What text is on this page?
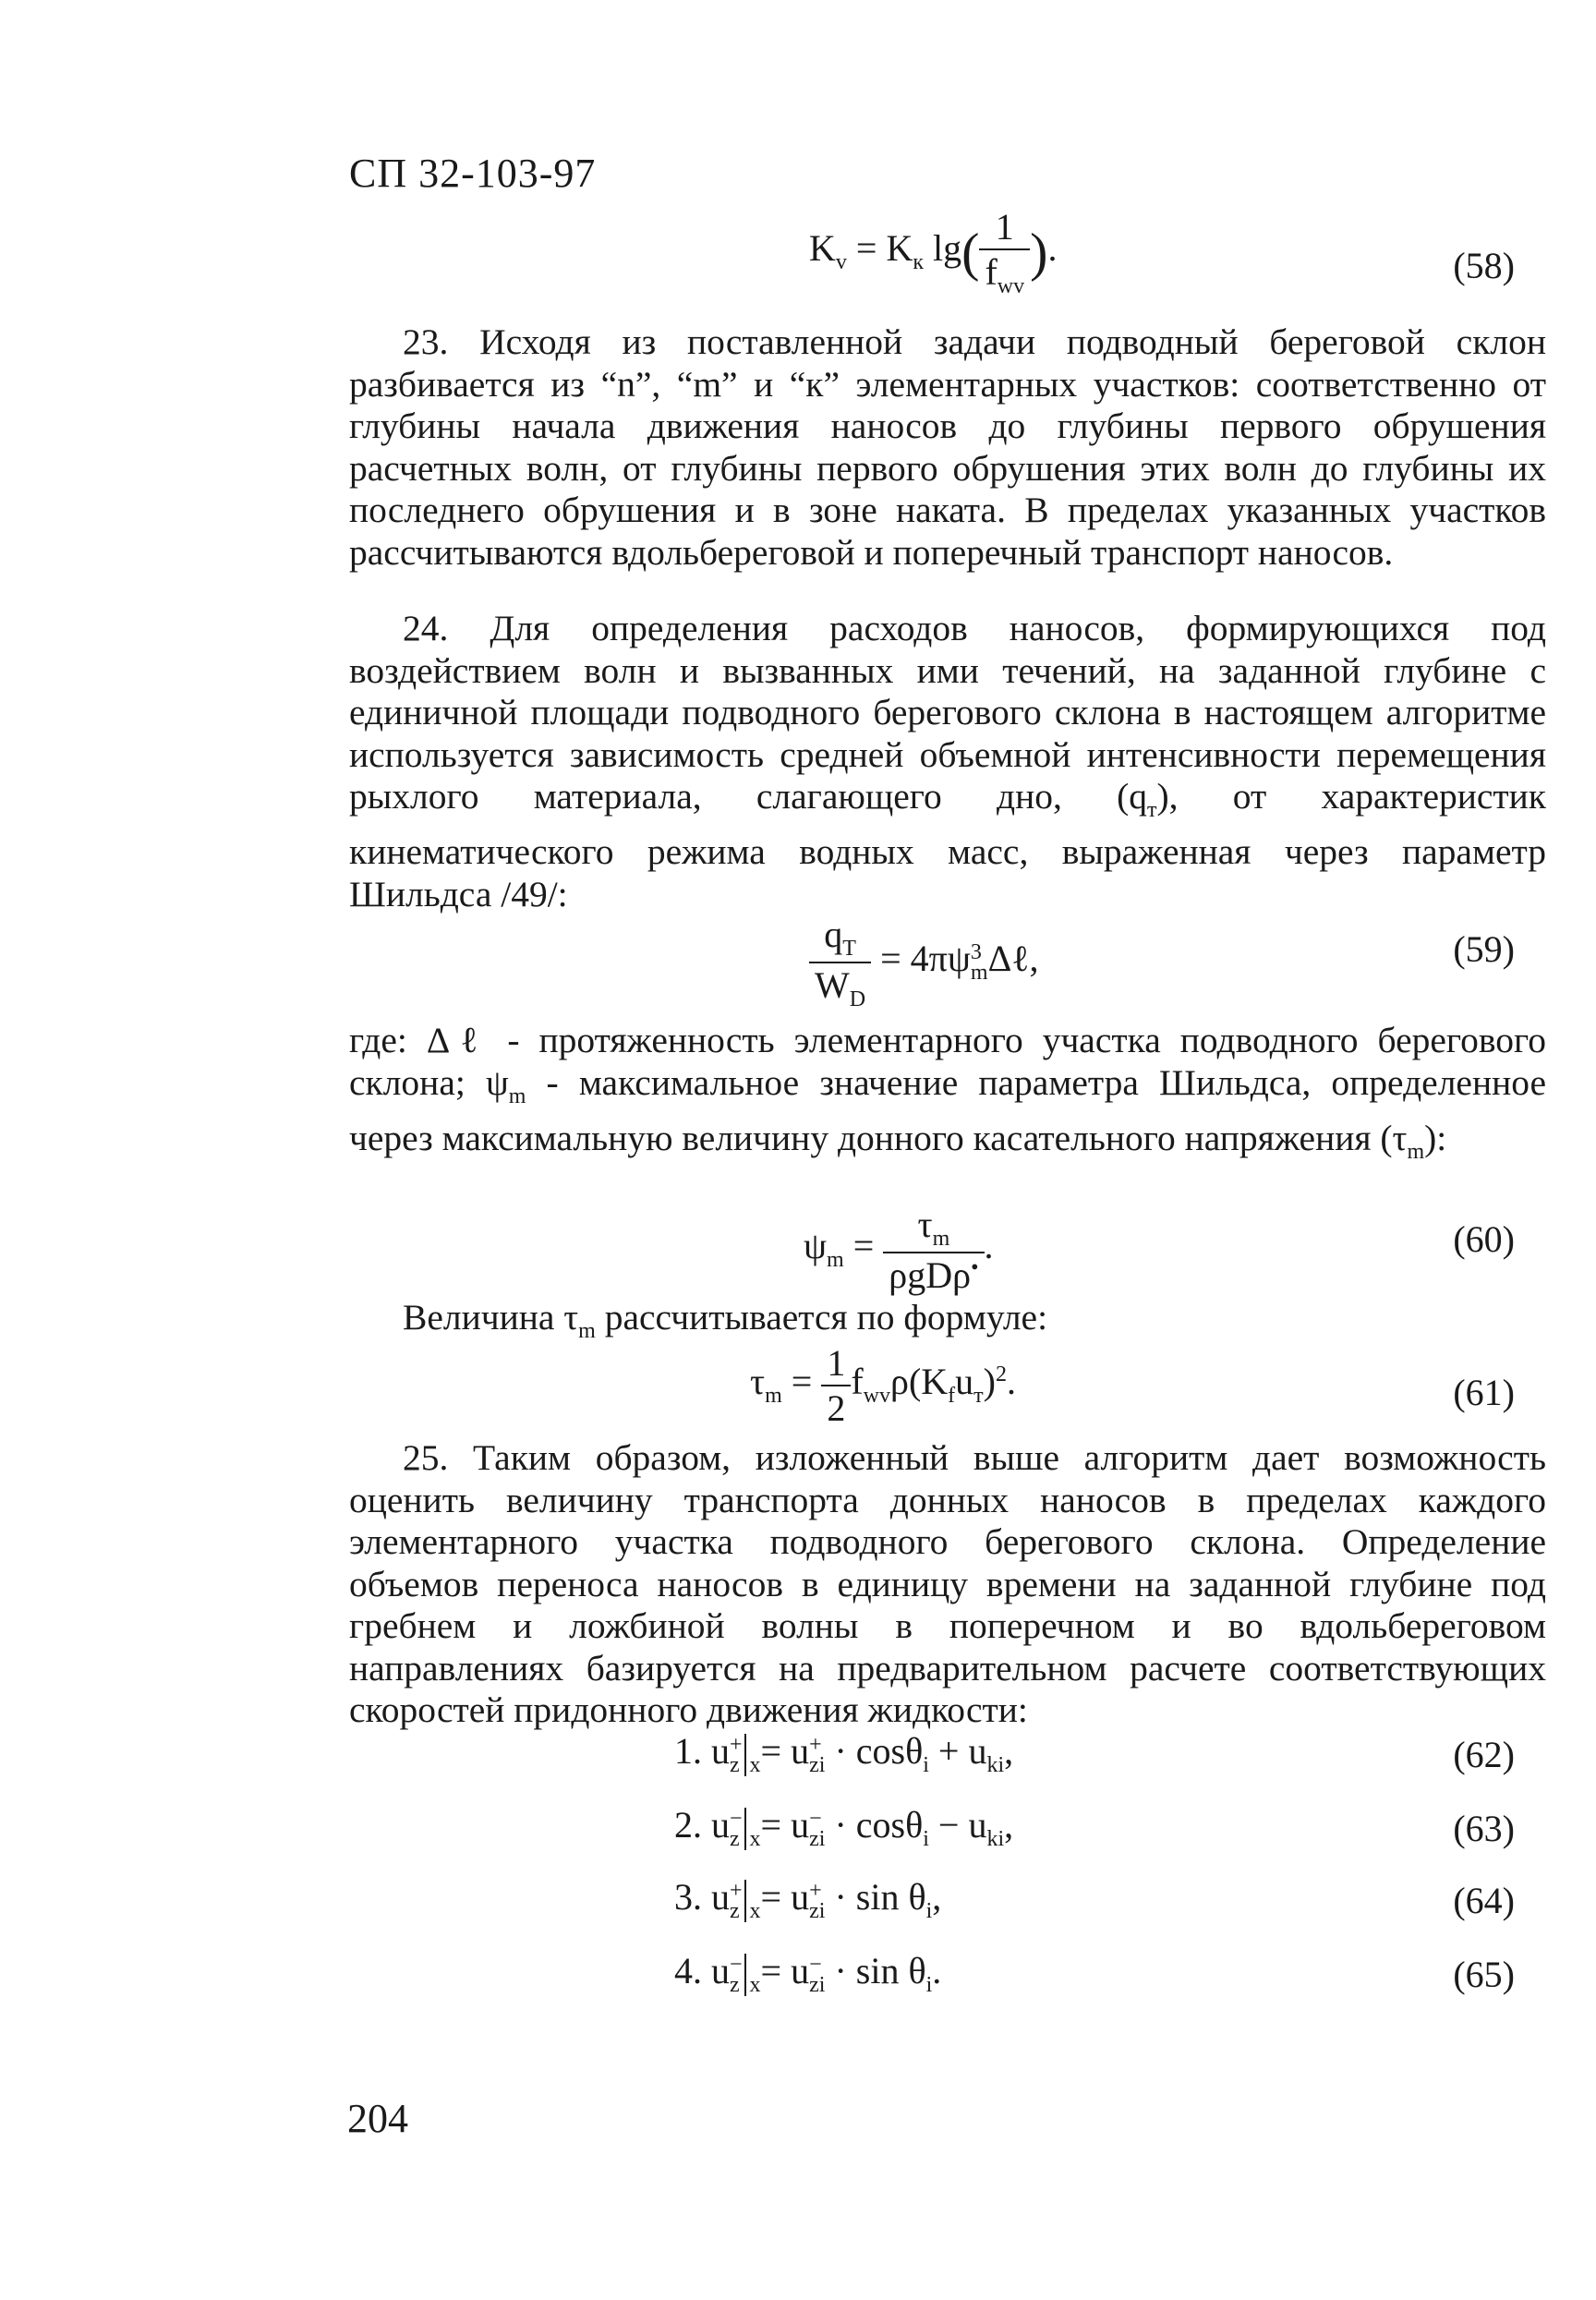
СП 32-103-97
$K_v = K_к$ $\lg( \frac{1}{f_{wv}}$ ).	(58)

23. Исходя из поставленной задачи подводный береговой склон разбивается из “n”, “m” и “к” элементарных участков: соответственно от глубины начала движения наносов до глубины первого обрушения расчетных волн, от глубины первого обрушения этих волн до глубины их последнего обрушения и в зоне наката. В пределах указанных участков рассчитываются вдольбереговой и поперечный транспорт наносов.

24. Для определения расходов наносов, формирующихся под воздействием волн и вызванных ими течений, на заданной глубине с единичной площади подводного берегового склона в настоящем алгоритме используется зависимость средней объемной интенсивности перемещения рыхлого материала, слагающего дно, $(q_т)$, от характеристик кинематического режима водных масс, выраженная через параметр Шильдса /49/:

$\frac{q_T}{W_D} = 4\pi\psi$ 3
m Δℓ,	(59)

где: Δℓ - протяженность элементарного участка подводного берегового склона; $\psi_m$ - максимальное значение параметра Шильдса, определенное через максимальную величину донного касательного напряжения $(\tau_m)$:

$\psi_m = \frac{\tau_m}{\rho gD\rho^•}$ .	(60)

Величина $\tau_m$ рассчитывается по формуле:

$\tau_m = \frac{1}{2} f_{wv}\rho(K_fu_т)^2$.	(61)

25. Таким образом, изложенный выше алгоритм дает возможность оценить величину транспорта донных наносов в пределах каждого элементарного участка подводного берегового склона. Определение объемов переноса наносов в единицу времени на заданной глубине под гребнем и ложбиной волны в поперечном и во вдольбереговом направлениях базируется на предварительном расчете соответствующих скоростей придонного движения жидкости:

1. u +
z $_x$= u +
zi · $\cos\theta_i + u_{ki}$,	(62)
2. u −
z $_x$= u −
zi · $\cos\theta_i - u_{ki}$,	(63)
3. u +
z $_x$= u +
zi · $\sin \theta_i$,	(64)
4. u −
z $_x$= u −
zi · $\sin \theta_i$.	(65)
204
